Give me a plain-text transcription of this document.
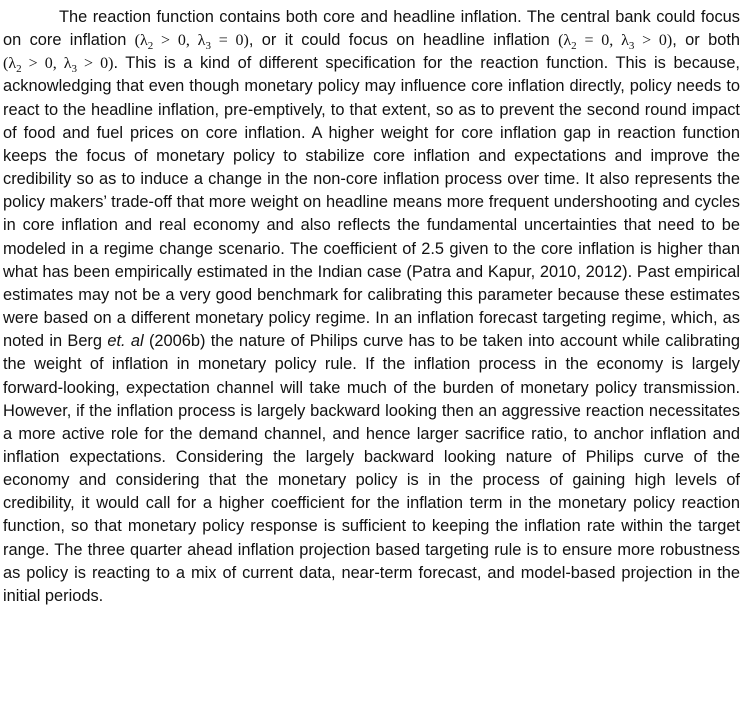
The reaction function contains both core and headline inflation. The central bank could focus on core inflation ($\lambda_2 > 0$, $\lambda_3 = 0$), or it could focus on headline inflation ($\lambda_2 = 0$, $\lambda_3 > 0$), or both ($\lambda_2 > 0$, $\lambda_3 > 0$). This is a kind of different specification for the reaction function. This is because, acknowledging that even though monetary policy may influence core inflation directly, policy needs to react to the headline inflation, pre-emptively, to that extent, so as to prevent the second round impact of food and fuel prices on core inflation. A higher weight for core inflation gap in reaction function keeps the focus of monetary policy to stabilize core inflation and expectations and improve the credibility so as to induce a change in the non-core inflation process over time. It also represents the policy makers’ trade-off that more weight on headline means more frequent undershooting and cycles in core inflation and real economy and also reflects the fundamental uncertainties that need to be modeled in a regime change scenario. The coefficient of 2.5 given to the core inflation is higher than what has been empirically estimated in the Indian case (Patra and Kapur, 2010, 2012). Past empirical estimates may not be a very good benchmark for calibrating this parameter because these estimates were based on a different monetary policy regime. In an inflation forecast targeting regime, which, as noted in Berg et. al (2006b) the nature of Philips curve has to be taken into account while calibrating the weight of inflation in monetary policy rule. If the inflation process in the economy is largely forward-looking, expectation channel will take much of the burden of monetary policy transmission. However, if the inflation process is largely backward looking then an aggressive reaction necessitates a more active role for the demand channel, and hence larger sacrifice ratio, to anchor inflation and inflation expectations. Considering the largely backward looking nature of Philips curve of the economy and considering that the monetary policy is in the process of gaining high levels of credibility, it would call for a higher coefficient for the inflation term in the monetary policy reaction function, so that monetary policy response is sufficient to keeping the inflation rate within the target range. The three quarter ahead inflation projection based targeting rule is to ensure more robustness as policy is reacting to a mix of current data, near-term forecast, and model-based projection in the initial periods.
